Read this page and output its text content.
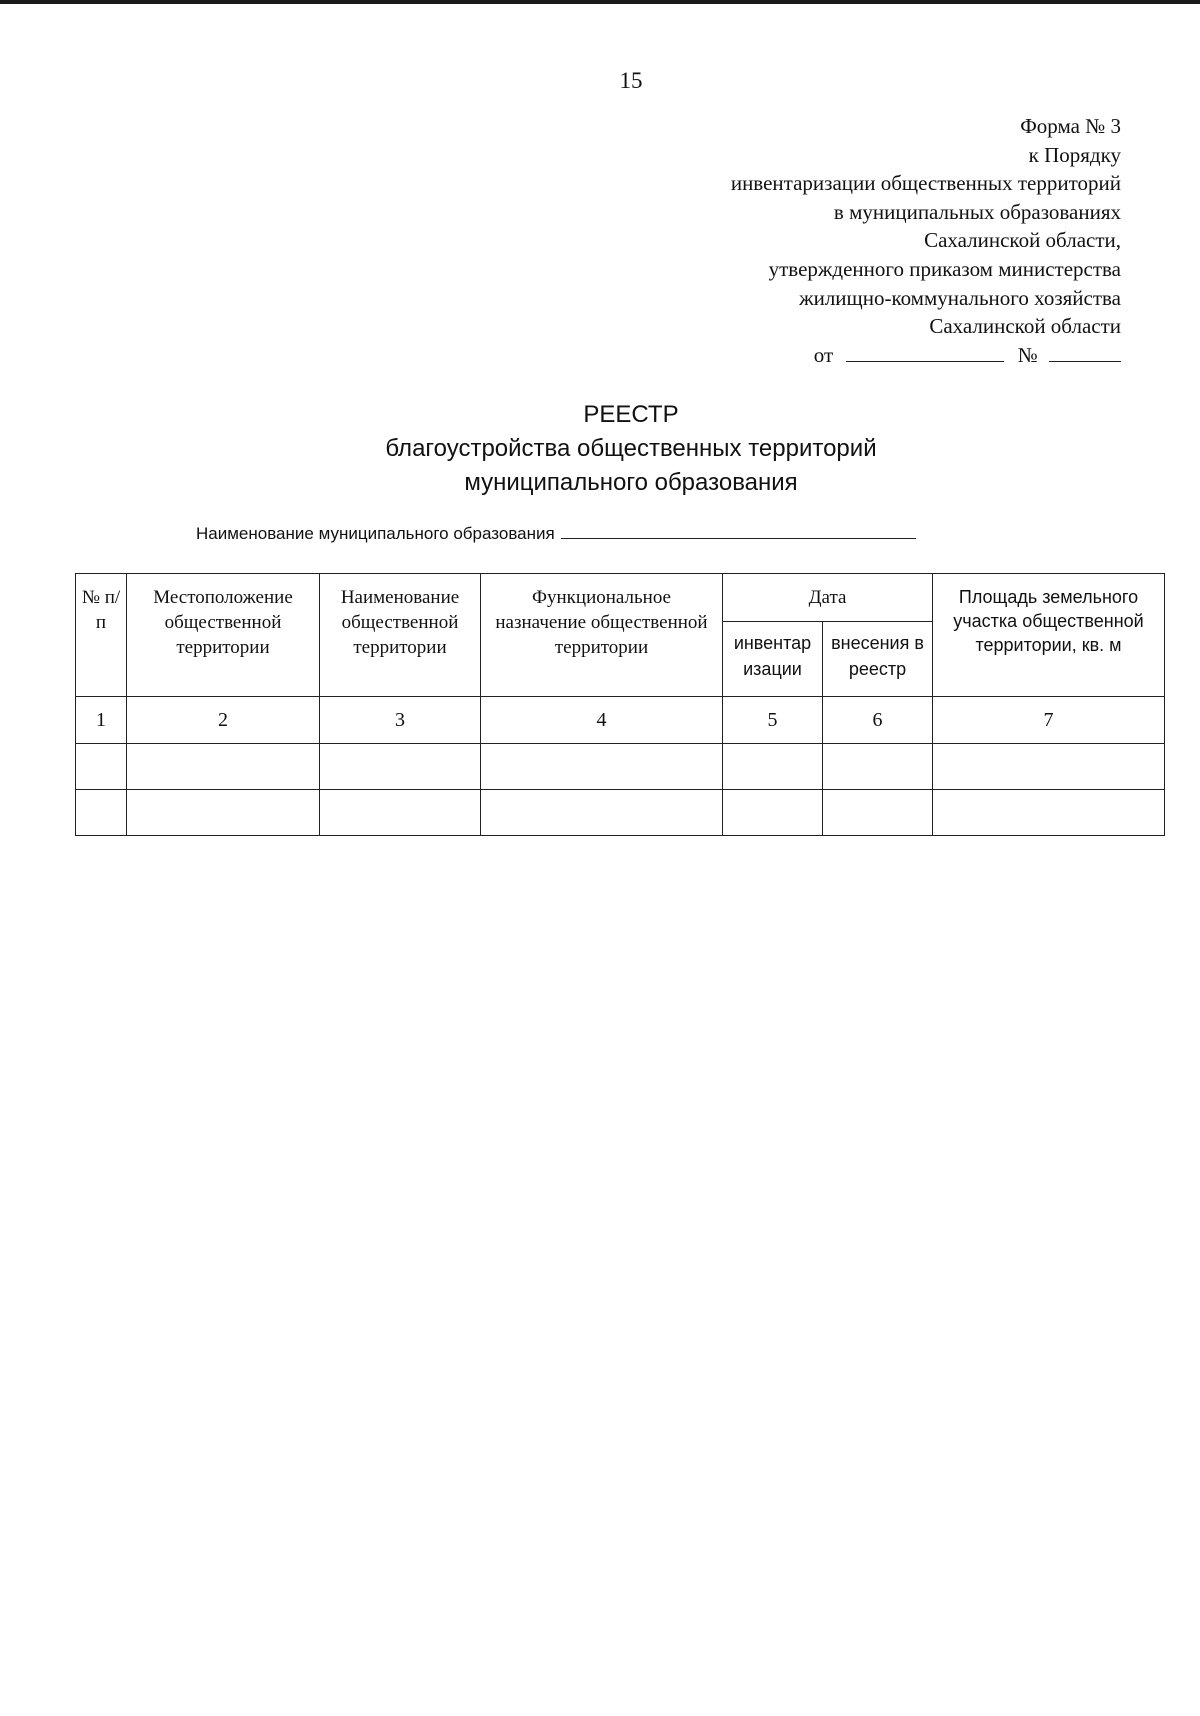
15
Форма № 3
к Порядку
инвентаризации общественных территорий
в муниципальных образованиях
Сахалинской области,
утвержденного приказом министерства
жилищно-коммунального хозяйства
Сахалинской области
от	№
РЕЕСТР
благоустройства общественных территорий
муниципального образования
Наименование муниципального образования
№ п/п	Местоположение общественной территории	Наименование общественной территории	Функциональное назначение общественной территории	Дата		Площадь земельного участка общественной территории, кв. м
				инвентар изации	внесения в реестр	
1	2	3	4	5	6	7
